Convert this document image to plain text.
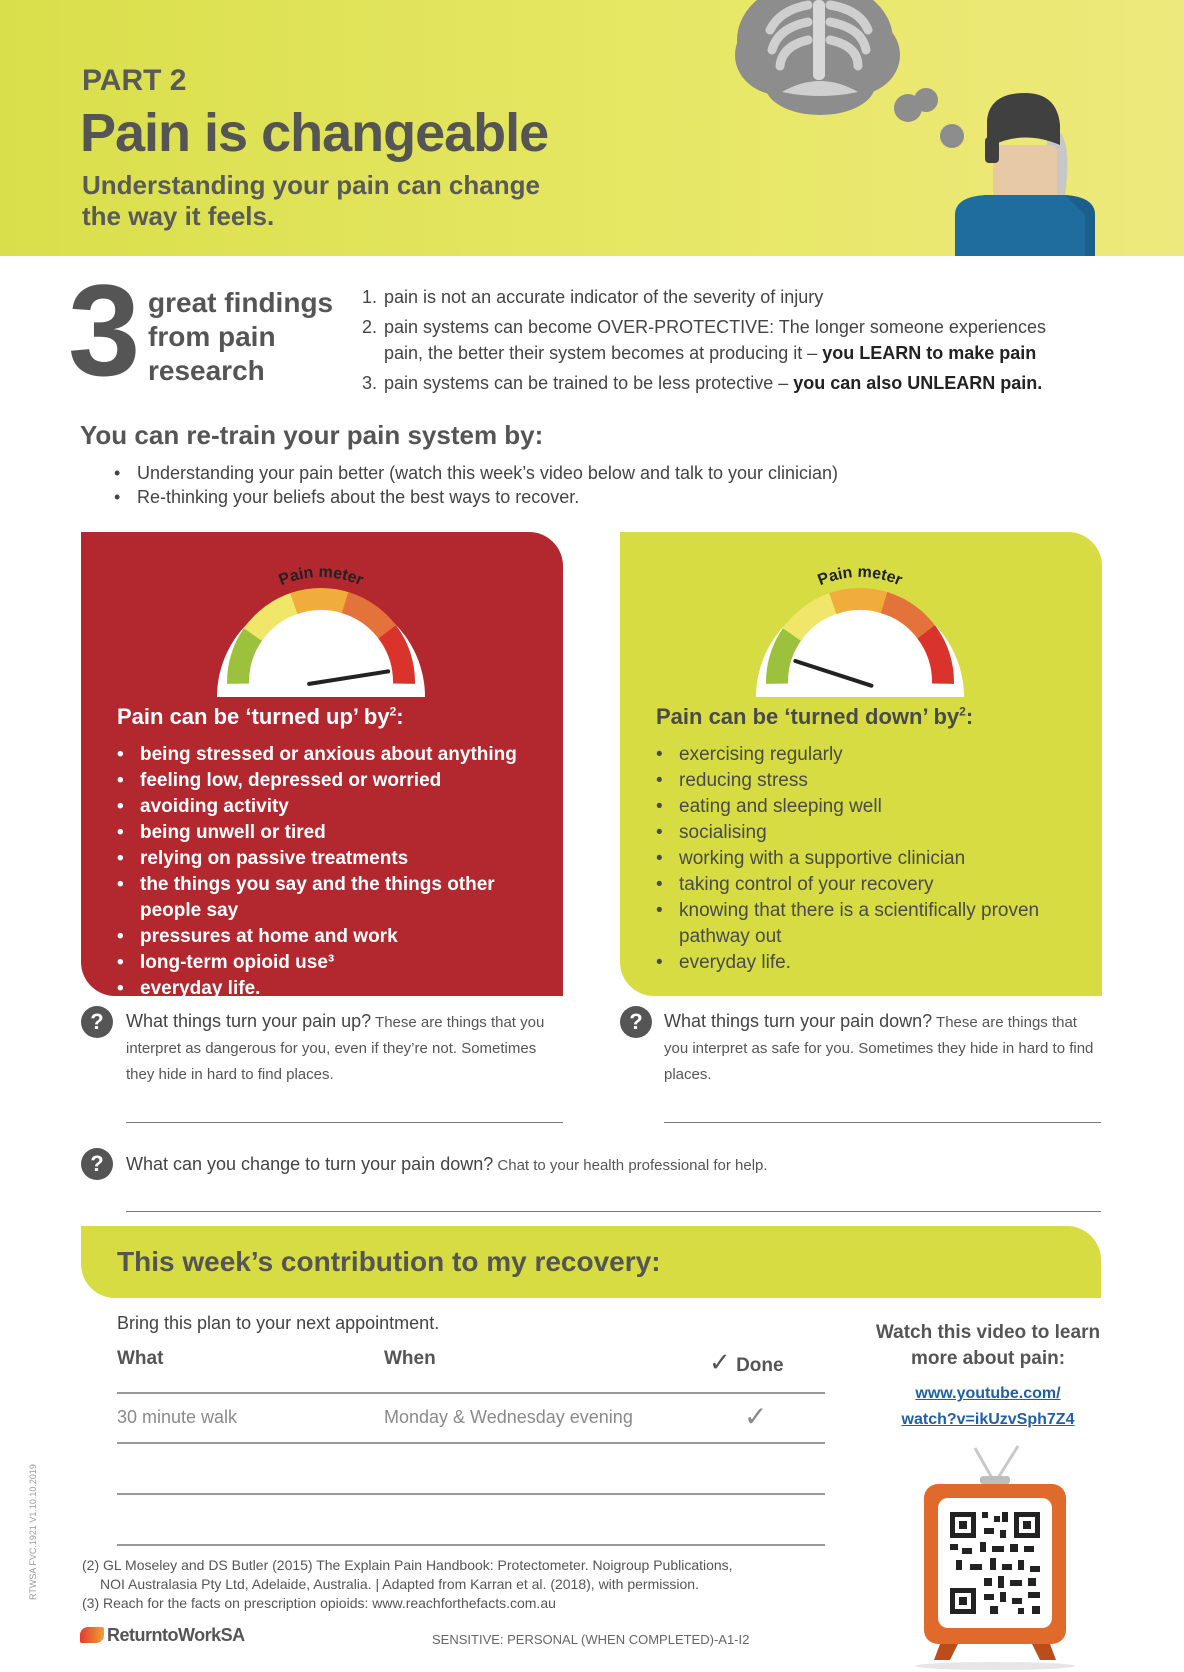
PART 2
Pain is changeable
Understanding your pain can change the way it feels.
3 great findings from pain research
1. pain is not an accurate indicator of the severity of injury
2. pain systems can become OVER-PROTECTIVE: The longer someone experiences pain, the better their system becomes at producing it – you LEARN to make pain
3. pain systems can be trained to be less protective – you can also UNLEARN pain.
You can re-train your pain system by:
• Understanding your pain better (watch this week’s video below and talk to your clinician)
• Re-thinking your beliefs about the best ways to recover.
Pain meter
Pain can be ‘turned up’ $by^2$:
• being stressed or anxious about anything
• feeling low, depressed or worried
• avoiding activity
• being unwell or tired
• relying on passive treatments
• the things you say and the things other people say
• pressures at home and work
• long-term opioid use³
• everyday life.
Pain meter
Pain can be ‘turned down’ $by^2$:
• exercising regularly
• reducing stress
• eating and sleeping well
• socialising
• working with a supportive clinician
• taking control of your recovery
• knowing that there is a scientifically proven pathway out
• everyday life.
?	What things turn your pain up? These are things that you interpret as dangerous for you, even if they’re not. Sometimes they hide in hard to find places.
?	What things turn your pain down? These are things that you interpret as safe for you. Sometimes they hide in hard to find places.
?	What can you change to turn your pain down? Chat to your health professional for help.
This week’s contribution to my recovery:
Bring this plan to your next appointment.
What	When	✓ Done
30 minute walk	Monday & Wednesday evening	✓
Watch this video to learn more about pain:
www.youtube.com/
watch?v=ikUzvSph7Z4
(2) GL Moseley and DS Butler (2015) The Explain Pain Handbook: Protectometer. Noigroup Publications,

NOI Australasia Pty Ltd, Adelaide, Australia. | Adapted from Karran et al. (2018), with permission.
(3) Reach for the facts on prescription opioids: www.reachforthefacts.com.au
ReturntoWorkSA	SENSITIVE: PERSONAL (WHEN COMPLETED)-A1-I2
RTWSA FVC.1921 V1.10.10.2019
